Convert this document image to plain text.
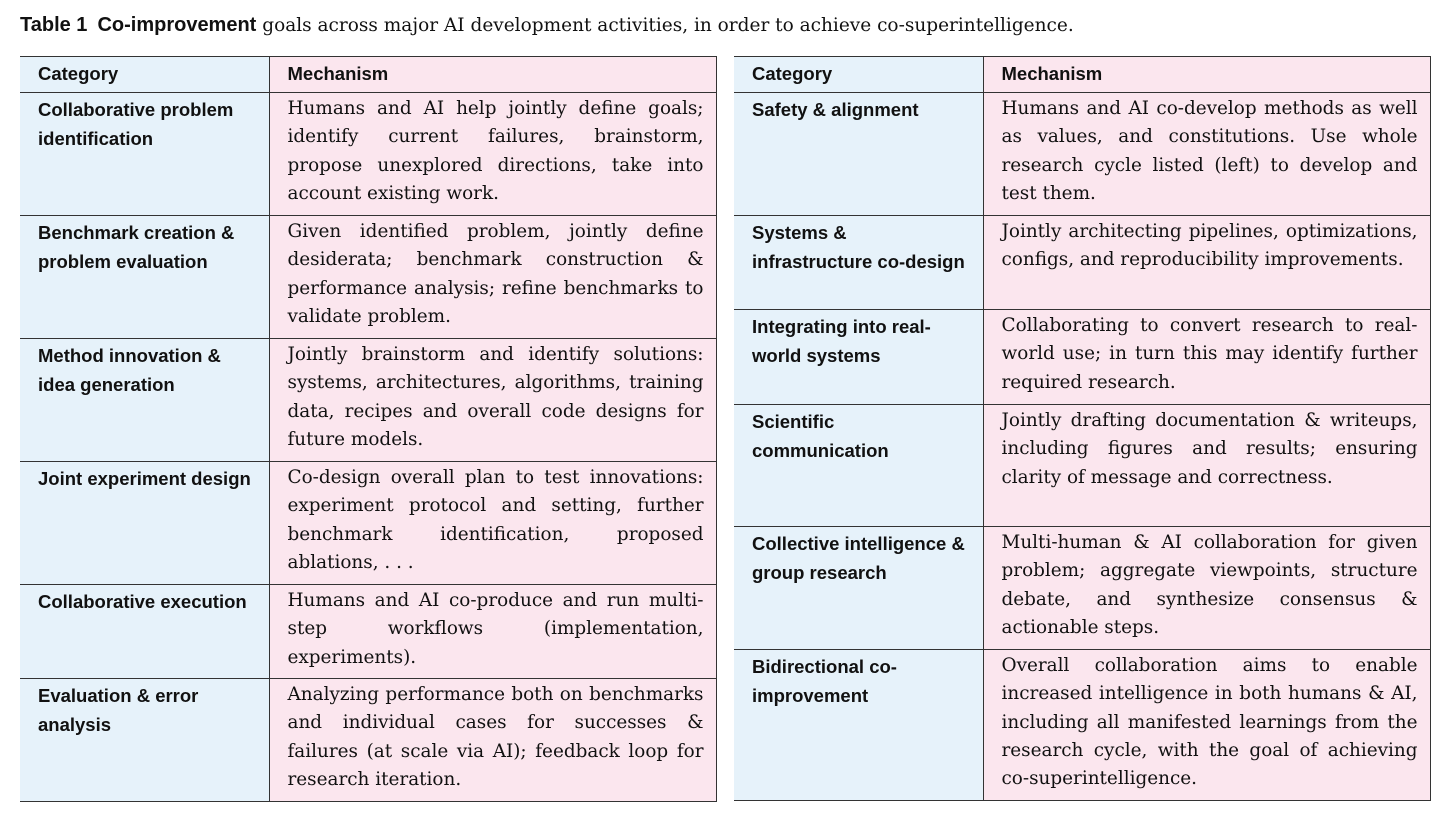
Table 1 Co-improvement goals across major AI development activities, in order to achieve co-superintelligence.
Category	Mechanism
Collaborative problem identification	Humans and AI help jointly define goals; identify current failures, brainstorm, propose unexplored directions, take into account existing work.
Benchmark creation & problem evaluation	Given identified problem, jointly define desiderata; benchmark construction & performance analysis; refine benchmarks to validate problem.
Method innovation & idea generation	Jointly brainstorm and identify solutions: systems, architectures, algorithms, training data, recipes and overall code designs for future models.
Joint experiment design	Co-design overall plan to test innovations: experiment protocol and setting, further benchmark identification, proposed ablations, . . .
Collaborative execution	Humans and AI co-produce and run multi-step workflows (implementation, experiments).
Evaluation & error analysis	Analyzing performance both on benchmarks and individual cases for successes & failures (at scale via AI); feedback loop for research iteration.
Category	Mechanism
Safety & alignment	Humans and AI co-develop methods as well as values, and constitutions. Use whole research cycle listed (left) to develop and test them.
Systems & infrastructure co-design	Jointly architecting pipelines, optimizations, configs, and reproducibility improvements.
Integrating into real-world systems	Collaborating to convert research to real-world use; in turn this may identify further required research.
Scientific communication	Jointly drafting documentation & writeups, including figures and results; ensuring clarity of message and correctness.
Collective intelligence & group research	Multi-human & AI collaboration for given problem; aggregate viewpoints, structure debate, and synthesize consensus & actionable steps.
Bidirectional co-improvement	Overall collaboration aims to enable increased intelligence in both humans & AI, including all manifested learnings from the research cycle, with the goal of achieving co-superintelligence.
